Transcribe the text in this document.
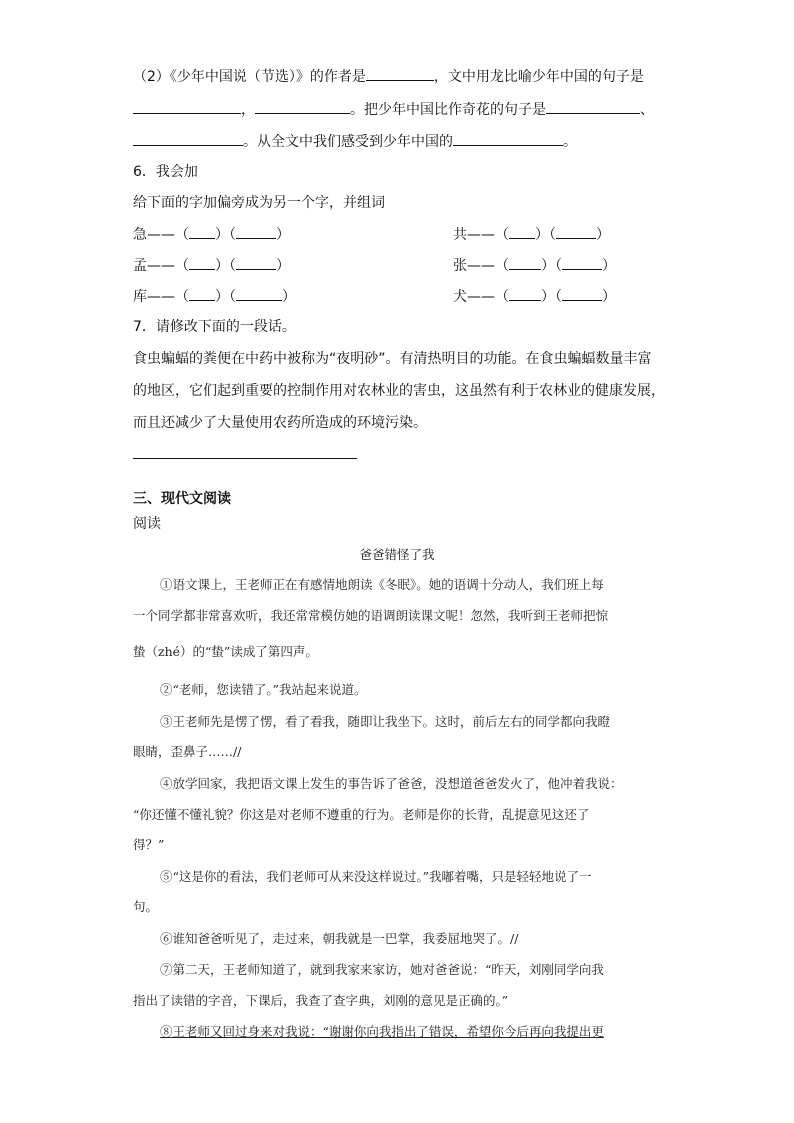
（2）《少年中国说（节选）》的作者是	，文中用龙比喻少年中国的句子是
，	。把少年中国比作奇花的句子是	、
。从全文中我们感受到少年中国的	。
6．我会加
给下面的字加偏旁成为另一个字，并组词
急——（ ）（	）	共——（ ）（	）
孟——（ ）（	）	张——（ ）（	）
库——（ ）（	）	犬——（ ）（	）
7．请修改下面的一段话。
食虫蝙蝠的粪便在中药中被称为“夜明砂”。有清热明目的功能。在食虫蝙蝠数量丰富
的地区，它们起到重要的控制作用对农林业的害虫，这虽然有利于农林业的健康发展，
而且还减少了大量使用农药所造成的环境污染。
三、现代文阅读
阅读
爸爸错怪了我
①语文课上，王老师正在有感情地朗读《冬眠》。她的语调十分动人，我们班上每
一个同学都非常喜欢听，我还常常模仿她的语调朗读课文呢！忽然，我听到王老师把惊
蛰（zhé）的“蛰”读成了第四声。
②“老师，您读错了。”我站起来说道。
③王老师先是愣了愣，看了看我，随即让我坐下。这时，前后左右的同学都向我瞪
眼睛，歪鼻子……//
④放学回家，我把语文课上发生的事告诉了爸爸，没想道爸爸发火了，他冲着我说：
“你还懂不懂礼貌？你这是对老师不遵重的行为。老师是你的长背，乱提意见这还了
得？”
⑤“这是你的看法，我们老师可从来没这样说过。”我嘟着嘴，只是轻轻地说了一
句。
⑥谁知爸爸听见了，走过来，朝我就是一巴掌，我委屈地哭了。//
⑦第二天，王老师知道了，就到我家来家访，她对爸爸说：“昨天，刘刚同学向我
指出了读错的字音，下课后，我查了查字典，刘刚的意见是正确的。”
⑧王老师又回过身来对我说：“谢谢你向我指出了错误，希望你今后再向我提出更
